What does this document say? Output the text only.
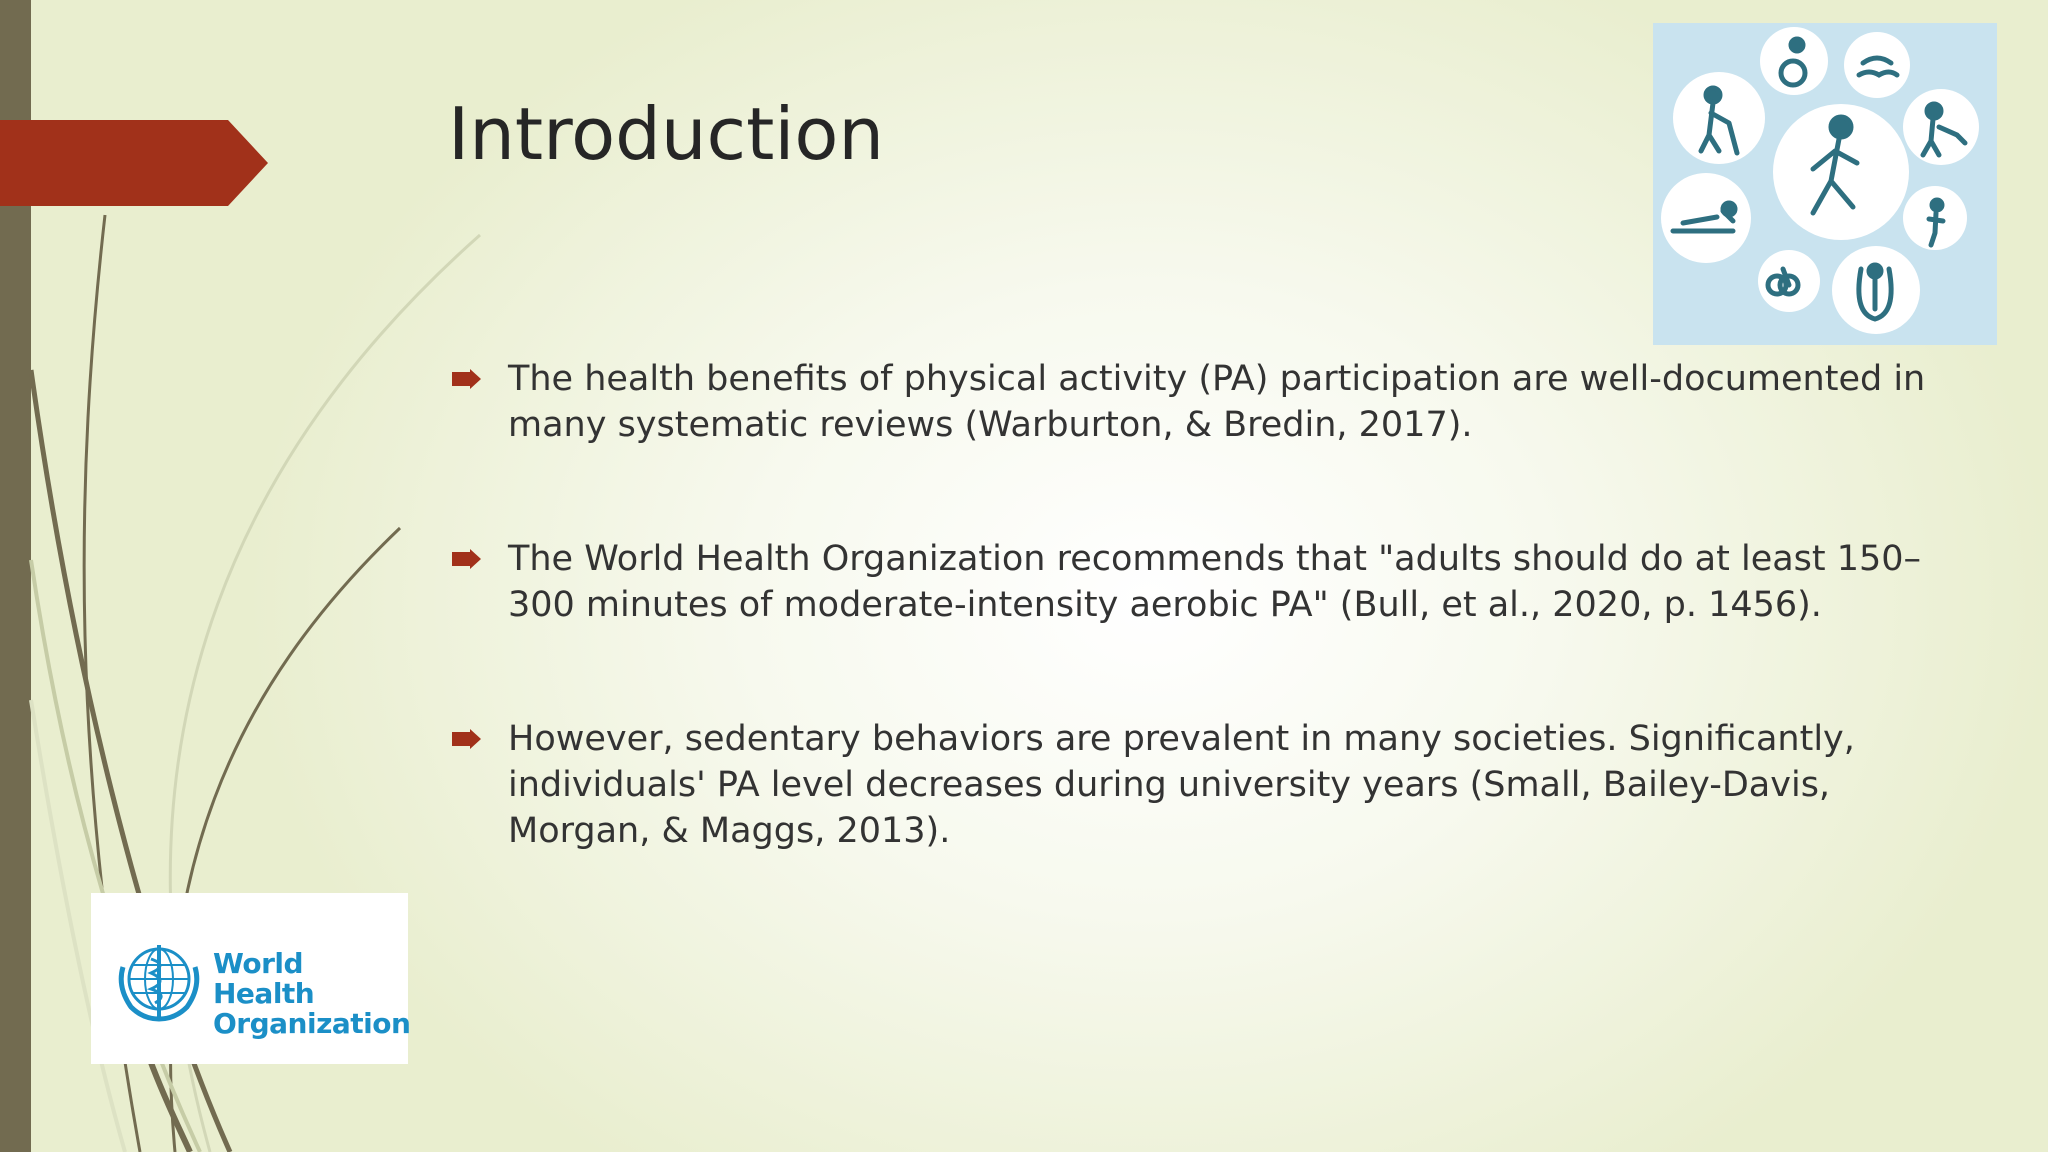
Introduction
The health benefits of physical activity (PA) participation are well-documented in many systematic reviews (Warburton, & Bredin, 2017).
The World Health Organization recommends that "adults should do at least 150–300 minutes of moderate-intensity aerobic PA" (Bull, et al., 2020, p. 1456).
However, sedentary behaviors are prevalent in many societies. Significantly, individuals' PA level decreases during university years (Small, Bailey-Davis, Morgan, & Maggs, 2013).
World Health
Organization
